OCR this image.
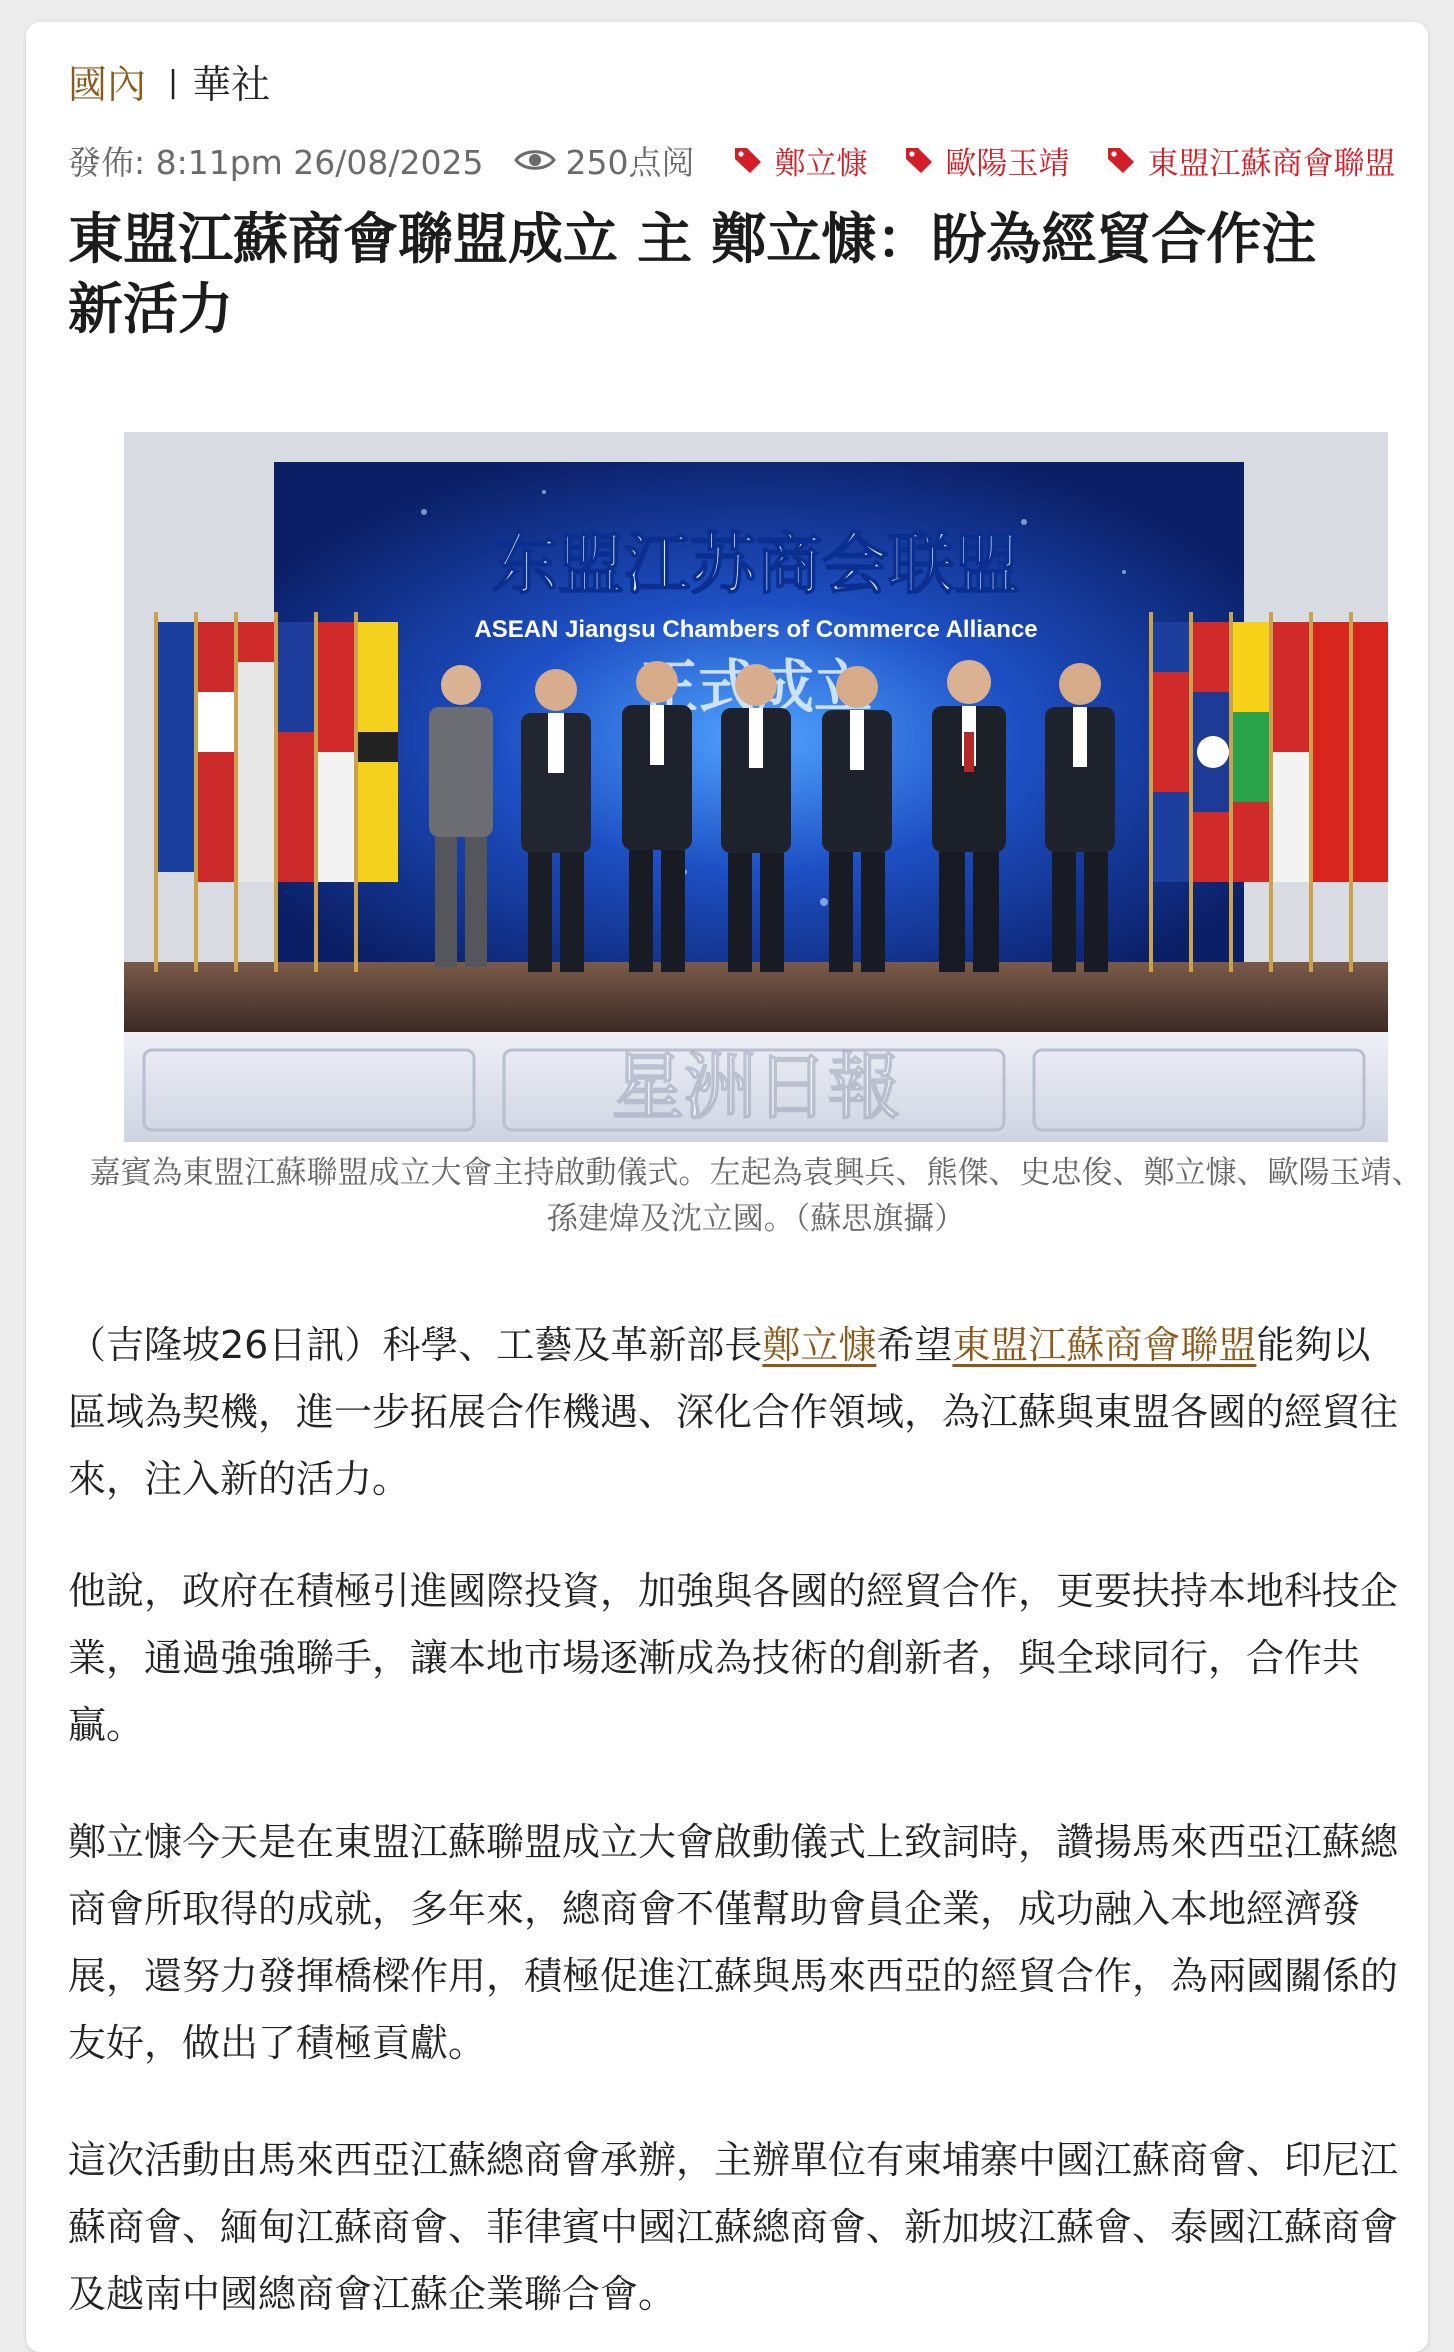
國內 | 華社
發佈: 8:11pm 26/08/2025 250点阅	鄭立慷	歐陽玉靖	東盟江蘇商會聯盟
東盟江蘇商會聯盟成立 主 鄭立慷：盼為經貿合作注新活力
东盟江苏商会联盟
ASEAN Jiangsu Chambers of Commerce Alliance
星洲日報
嘉賓為東盟江蘇聯盟成立大會主持啟動儀式。左起為袁興兵、熊傑、史忠俊、鄭立慷、歐陽玉靖、孫建煒及沈立國。（蘇思旗攝）

（吉隆坡26日訊）科學、工藝及革新部長鄭立慷希望東盟江蘇商會聯盟能夠以區域為契機，進一步拓展合作機遇、深化合作領域，為江蘇與東盟各國的經貿往來，注入新的活力。

他說，政府在積極引進國際投資，加強與各國的經貿合作，更要扶持本地科技企業，通過強強聯手，讓本地市場逐漸成為技術的創新者，與全球同行，合作共贏。

鄭立慷今天是在東盟江蘇聯盟成立大會啟動儀式上致詞時，讚揚馬來西亞江蘇總商會所取得的成就，多年來，總商會不僅幫助會員企業，成功融入本地經濟發展，還努力發揮橋樑作用，積極促進江蘇與馬來西亞的經貿合作，為兩國關係的友好，做出了積極貢獻。

這次活動由馬來西亞江蘇總商會承辦，主辦單位有柬埔寨中國江蘇商會、印尼江蘇商會、緬甸江蘇商會、菲律賓中國江蘇總商會、新加坡江蘇會、泰國江蘇商會及越南中國總商會江蘇企業聯合會。
